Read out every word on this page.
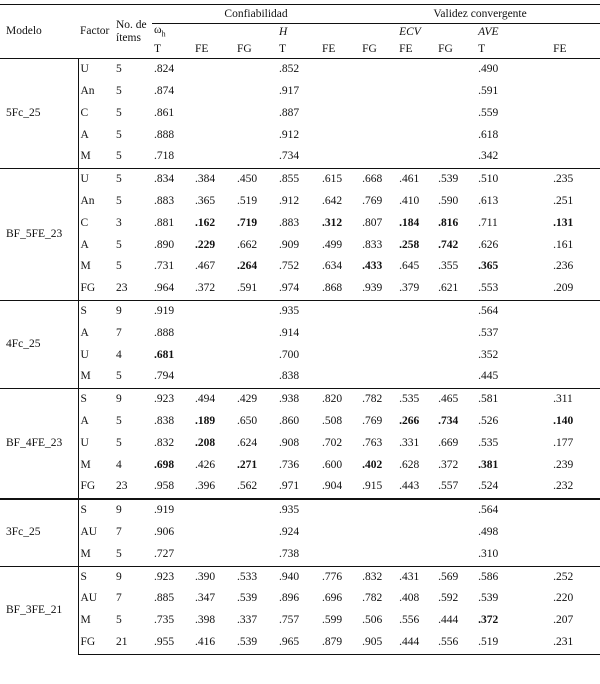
Modelo	Factor	No. de ítems	Confiabilidad					Validez convergente					
			$\omega_h$			H			ECV		AVE		
			T	FE	FG	T	FE	FG	FE	FG	T	FE	
5Fc_25	U	5	.824			.852					.490		
	An	5	.874			.917					.591		
	C	5	.861			.887					.559		
	A	5	.888			.912					.618		
	M	5	.718			.734					.342		
BF_5FE_23	U	5	.834	.384	.450	.855	.615	.668	.461	.539	.510	.235	
	An	5	.883	.365	.519	.912	.642	.769	.410	.590	.613	.251	
	C	3	.881	.162	.719	.883	.312	.807	.184	.816	.711	.131	
	A	5	.890	.229	.662	.909	.499	.833	.258	.742	.626	.161	
	M	5	.731	.467	.264	.752	.634	.433	.645	.355	.365	.236	
	FG	23	.964	.372	.591	.974	.868	.939	.379	.621	.553	.209	
4Fc_25	S	9	.919			.935					.564		
	A	7	.888			.914					.537		
	U	4	.681			.700					.352		
	M	5	.794			.838					.445		
BF_4FE_23	S	9	.923	.494	.429	.938	.820	.782	.535	.465	.581	.311	
	A	5	.838	.189	.650	.860	.508	.769	.266	.734	.526	.140	
	U	5	.832	.208	.624	.908	.702	.763	.331	.669	.535	.177	
	M	4	.698	.426	.271	.736	.600	.402	.628	.372	.381	.239	
	FG	23	.958	.396	.562	.971	.904	.915	.443	.557	.524	.232	
3Fc_25	S	9	.919			.935					.564		
	AU	7	.906			.924					.498		
	M	5	.727			.738					.310		
BF_3FE_21	S	9	.923	.390	.533	.940	.776	.832	.431	.569	.586	.252	
	AU	7	.885	.347	.539	.896	.696	.782	.408	.592	.539	.220	
	M	5	.735	.398	.337	.757	.599	.506	.556	.444	.372	.207	
	FG	21	.955	.416	.539	.965	.879	.905	.444	.556	.519	.231	
